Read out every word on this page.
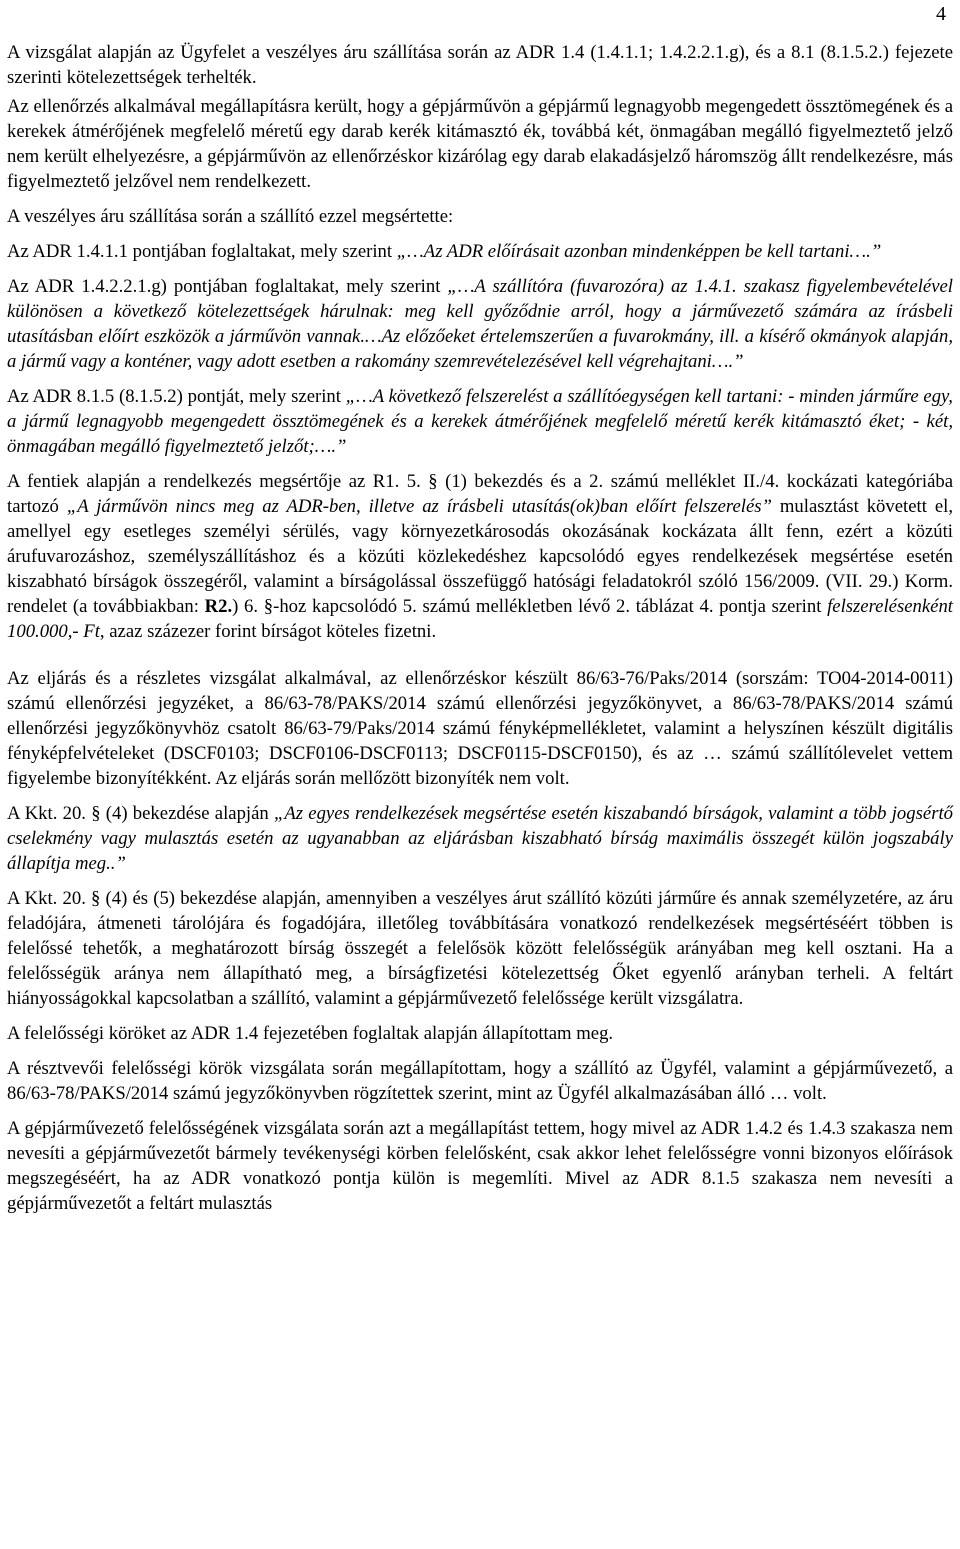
4

A vizsgálat alapján az Ügyfelet a veszélyes áru szállítása során az ADR 1.4 (1.4.1.1; 1.4.2.2.1.g), és a 8.1 (8.1.5.2.) fejezete szerinti kötelezettségek terhelték.

Az ellenőrzés alkalmával megállapításra került, hogy a gépjárművön a gépjármű legnagyobb megengedett össztömegének és a kerekek átmérőjének megfelelő méretű egy darab kerék kitámasztó ék, továbbá két, önmagában megálló figyelmeztető jelző nem került elhelyezésre, a gépjárművön az ellenőrzéskor kizárólag egy darab elakadásjelző háromszög állt rendelkezésre, más figyelmeztető jelzővel nem rendelkezett.

A veszélyes áru szállítása során a szállító ezzel megsértette:

Az ADR 1.4.1.1 pontjában foglaltakat, mely szerint „…Az ADR előírásait azonban mindenképpen be kell tartani….”

Az ADR 1.4.2.2.1.g) pontjában foglaltakat, mely szerint „…A szállítóra (fuvarozóra) az 1.4.1. szakasz figyelembevételével különösen a következő kötelezettségek hárulnak: meg kell győződnie arról, hogy a járművezető számára az írásbeli utasításban előírt eszközök a járművön vannak.…Az előzőeket értelemszerűen a fuvarokmány, ill. a kísérő okmányok alapján, a jármű vagy a konténer, vagy adott esetben a rakomány szemrevételezésével kell végrehajtani….”

Az ADR 8.1.5 (8.1.5.2) pontját, mely szerint „…A következő felszerelést a szállítóegységen kell tartani: - minden járműre egy, a jármű legnagyobb megengedett össztömegének és a kerekek átmérőjének megfelelő méretű kerék kitámasztó éket; - két, önmagában megálló figyelmeztető jelzőt;….”

A fentiek alapján a rendelkezés megsértője az R1. 5. § (1) bekezdés és a 2. számú melléklet II./4. kockázati kategóriába tartozó „A járművön nincs meg az ADR-ben, illetve az írásbeli utasítás(ok)ban előírt felszerelés” mulasztást követett el, amellyel egy esetleges személyi sérülés, vagy környezetkárosodás okozásának kockázata állt fenn, ezért a közúti árufuvarozáshoz, személyszállításhoz és a közúti közlekedéshez kapcsolódó egyes rendelkezések megsértése esetén kiszabható bírságok összegéről, valamint a bírságolással összefüggő hatósági feladatokról szóló 156/2009. (VII. 29.) Korm. rendelet (a továbbiakban: R2.) 6. §-hoz kapcsolódó 5. számú mellékletben lévő 2. táblázat 4. pontja szerint felszerelésenként 100.000,- Ft, azaz százezer forint bírságot köteles fizetni.

Az eljárás és a részletes vizsgálat alkalmával, az ellenőrzéskor készült 86/63-76/Paks/2014 (sorszám: TO04-2014-0011) számú ellenőrzési jegyzéket, a 86/63-78/PAKS/2014 számú ellenőrzési jegyzőkönyvet, a 86/63-78/PAKS/2014 számú ellenőrzési jegyzőkönyvhöz csatolt 86/63-79/Paks/2014 számú fényképmellékletet, valamint a helyszínen készült digitális fényképfelvételeket (DSCF0103; DSCF0106-DSCF0113; DSCF0115-DSCF0150), és az … számú szállítólevelet vettem figyelembe bizonyítékként. Az eljárás során mellőzött bizonyíték nem volt.

A Kkt. 20. § (4) bekezdése alapján „Az egyes rendelkezések megsértése esetén kiszabandó bírságok, valamint a több jogsértő cselekmény vagy mulasztás esetén az ugyanabban az eljárásban kiszabható bírság maximális összegét külön jogszabály állapítja meg..”

A Kkt. 20. § (4) és (5) bekezdése alapján, amennyiben a veszélyes árut szállító közúti járműre és annak személyzetére, az áru feladójára, átmeneti tárolójára és fogadójára, illetőleg továbbítására vonatkozó rendelkezések megsértéséért többen is felelőssé tehetők, a meghatározott bírság összegét a felelősök között felelősségük arányában meg kell osztani. Ha a felelősségük aránya nem állapítható meg, a bírságfizetési kötelezettség Őket egyenlő arányban terheli. A feltárt hiányosságokkal kapcsolatban a szállító, valamint a gépjárművezető felelőssége került vizsgálatra.

A felelősségi köröket az ADR 1.4 fejezetében foglaltak alapján állapítottam meg.

A résztvevői felelősségi körök vizsgálata során megállapítottam, hogy a szállító az Ügyfél, valamint a gépjárművezető, a 86/63-78/PAKS/2014 számú jegyzőkönyvben rögzítettek szerint, mint az Ügyfél alkalmazásában álló … volt.

A gépjárművezető felelősségének vizsgálata során azt a megállapítást tettem, hogy mivel az ADR 1.4.2 és 1.4.3 szakasza nem nevesíti a gépjárművezetőt bármely tevékenységi körben felelősként, csak akkor lehet felelősségre vonni bizonyos előírások megszegéséért, ha az ADR vonatkozó pontja külön is megemlíti. Mivel az ADR 8.1.5 szakasza nem nevesíti a gépjárművezetőt a feltárt mulasztás
